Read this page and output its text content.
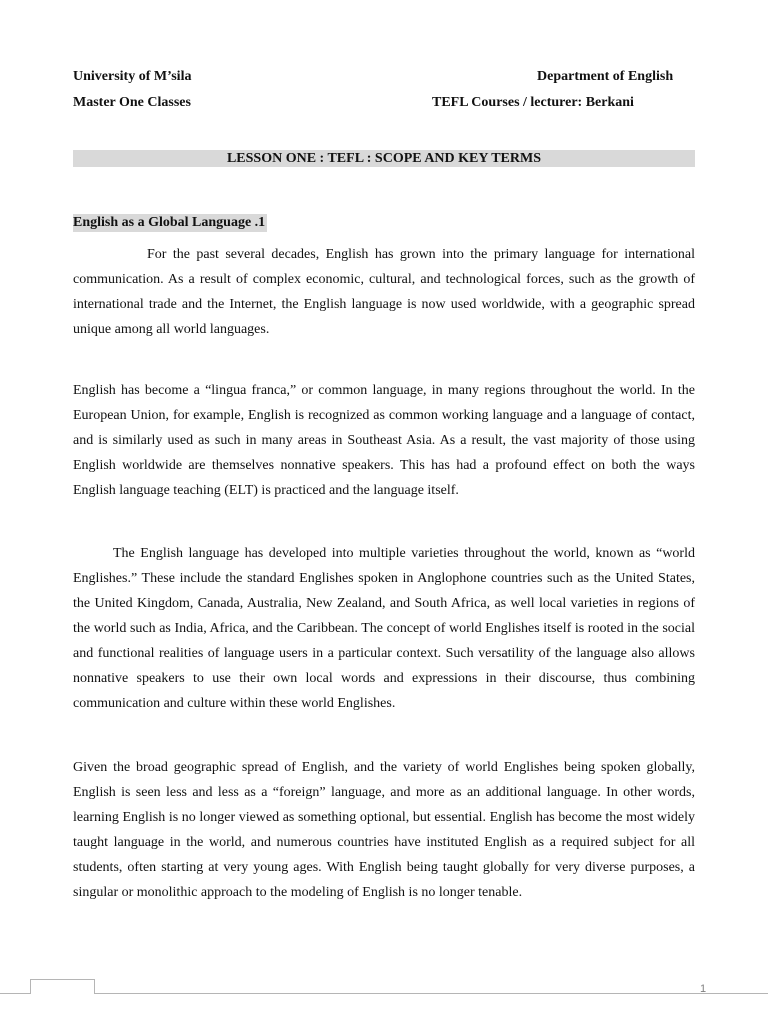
University of M’sila	Department of English
Master One Classes	TEFL Courses / lecturer: Berkani
LESSON ONE : TEFL : SCOPE AND KEY TERMS
English as a Global Language .1

For the past several decades, English has grown into the primary language for international communication. As a result of complex economic, cultural, and technological forces, such as the growth of international trade and the Internet, the English language is now used worldwide, with a geographic spread unique among all world languages.

English has become a “lingua franca,” or common language, in many regions throughout the world. In the European Union, for example, English is recognized as common working language and a language of contact, and is similarly used as such in many areas in Southeast Asia. As a result, the vast majority of those using English worldwide are themselves nonnative speakers. This has had a profound effect on both the ways English language teaching (ELT) is practiced and the language itself.

The English language has developed into multiple varieties throughout the world, known as “world Englishes.” These include the standard Englishes spoken in Anglophone countries such as the United States, the United Kingdom, Canada, Australia, New Zealand, and South Africa, as well local varieties in regions of the world such as India, Africa, and the Caribbean. The concept of world Englishes itself is rooted in the social and functional realities of language users in a particular context. Such versatility of the language also allows nonnative speakers to use their own local words and expressions in their discourse, thus combining communication and culture within these world Englishes.

Given the broad geographic spread of English, and the variety of world Englishes being spoken globally, English is seen less and less as a “foreign” language, and more as an additional language. In other words, learning English is no longer viewed as something optional, but essential. English has become the most widely taught language in the world, and numerous countries have instituted English as a required subject for all students, often starting at very young ages. With English being taught globally for very diverse purposes, a singular or monolithic approach to the modeling of English is no longer tenable.

1
